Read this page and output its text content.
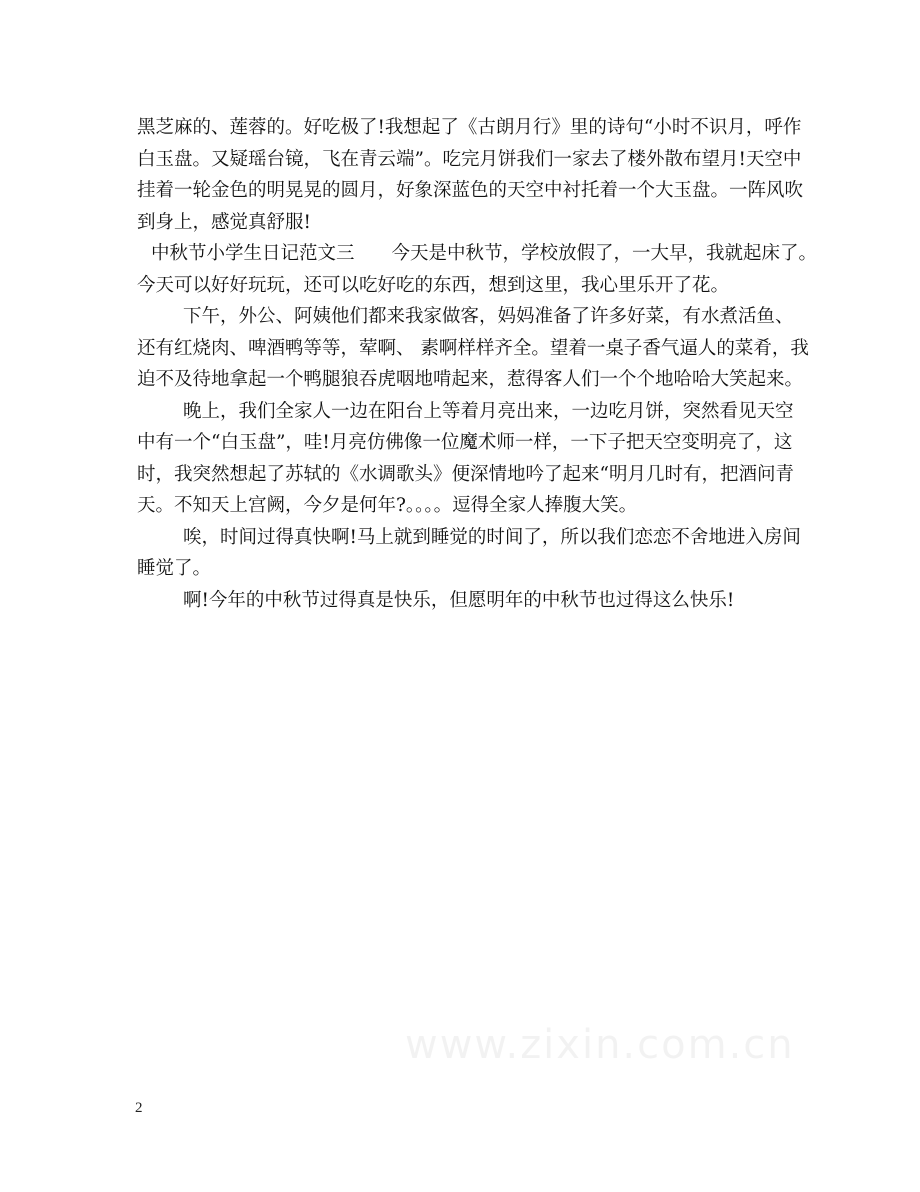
黑芝麻的、莲蓉的。好吃极了!我想起了《古朗月行》里的诗句“小时不识月，呼作
白玉盘。又疑瑶台镜，飞在青云端”。吃完月饼我们一家去了楼外散布望月!天空中
挂着一轮金色的明晃晃的圆月，好象深蓝色的天空中衬托着一个大玉盘。一阵风吹
到身上，感觉真舒服!
中秋节小学生日记范文三　　今天是中秋节，学校放假了，一大早，我就起床了。
今天可以好好玩玩，还可以吃好吃的东西，想到这里，我心里乐开了花。
下午，外公、阿姨他们都来我家做客，妈妈准备了许多好菜，有水煮活鱼、
还有红烧肉、啤酒鸭等等，荤啊、 素啊样样齐全。望着一桌子香气逼人的菜肴，我
迫不及待地拿起一个鸭腿狼吞虎咽地啃起来，惹得客人们一个个地哈哈大笑起来。
晚上，我们全家人一边在阳台上等着月亮出来，一边吃月饼，突然看见天空
中有一个“白玉盘”，哇!月亮仿佛像一位魔术师一样，一下子把天空变明亮了，这
时，我突然想起了苏轼的《水调歌头》便深情地吟了起来“明月几时有，把酒问青
天。不知天上宫阙，今夕是何年?。。。。逗得全家人捧腹大笑。
唉，时间过得真快啊!马上就到睡觉的时间了，所以我们恋恋不舍地进入房间
睡觉了。
啊!今年的中秋节过得真是快乐，但愿明年的中秋节也过得这么快乐!
www.zixin.com.cn
2
